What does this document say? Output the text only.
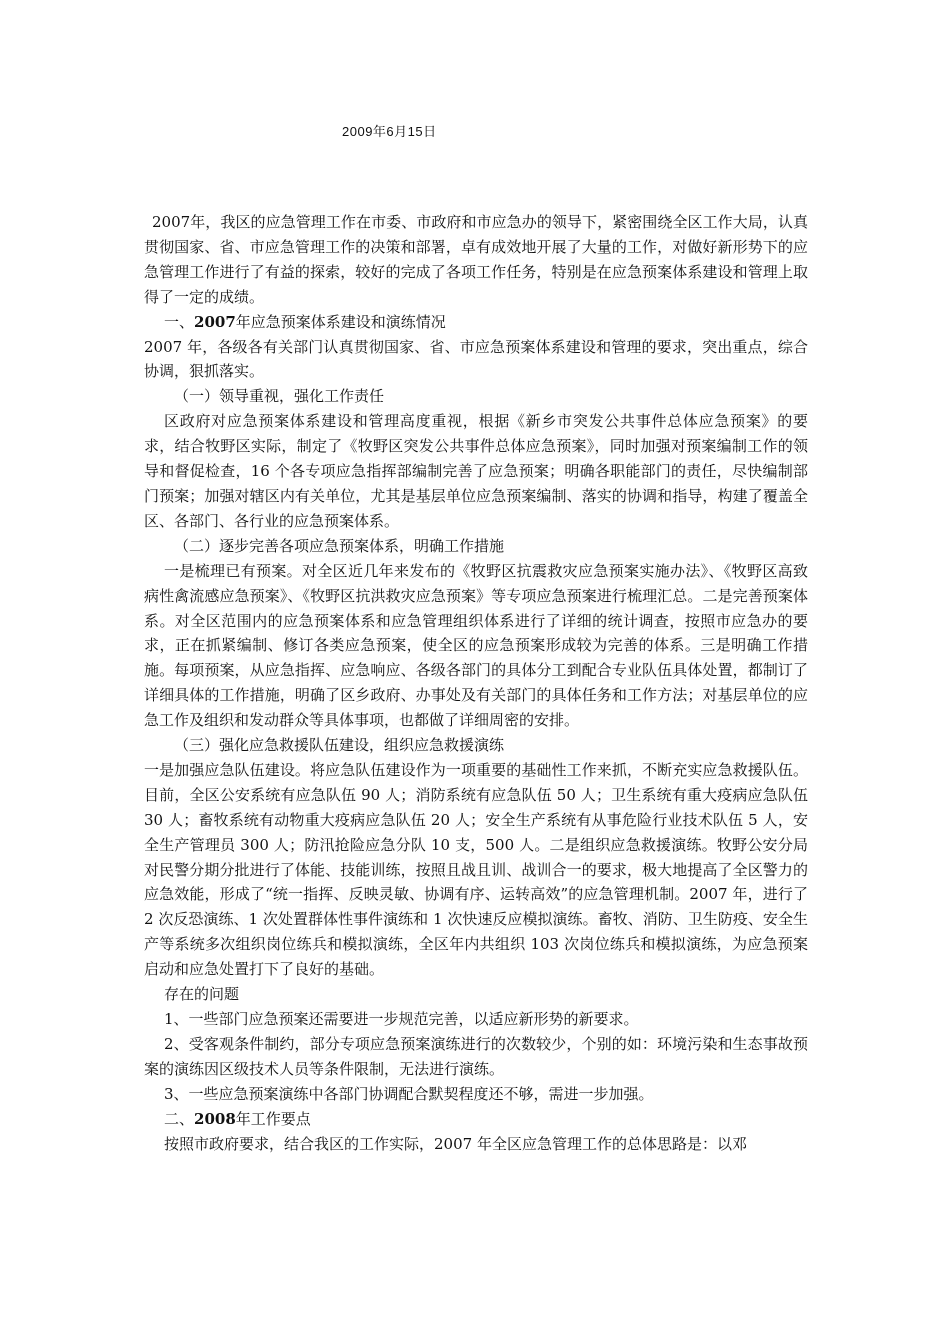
2009年6月15日

2007年，我区的应急管理工作在市委、市政府和市应急办的领导下，紧密围绕全区工作大局，认真贯彻国家、省、市应急管理工作的决策和部署，卓有成效地开展了大量的工作，对做好新形势下的应急管理工作进行了有益的探索，较好的完成了各项工作任务，特别是在应急预案体系建设和管理上取得了一定的成绩。

一、2007年应急预案体系建设和演练情况

2007 年，各级各有关部门认真贯彻国家、省、市应急预案体系建设和管理的要求，突出重点，综合协调，狠抓落实。

（一）领导重视，强化工作责任

区政府对应急预案体系建设和管理高度重视，根据《新乡市突发公共事件总体应急预案》的要求，结合牧野区实际，制定了《牧野区突发公共事件总体应急预案》，同时加强对预案编制工作的领导和督促检查，16 个各专项应急指挥部编制完善了应急预案；明确各职能部门的责任，尽快编制部门预案；加强对辖区内有关单位，尤其是基层单位应急预案编制、落实的协调和指导，构建了覆盖全区、各部门、各行业的应急预案体系。

（二）逐步完善各项应急预案体系，明确工作措施

一是梳理已有预案。对全区近几年来发布的《牧野区抗震救灾应急预案实施办法》、《牧野区高致病性禽流感应急预案》、《牧野区抗洪救灾应急预案》等专项应急预案进行梳理汇总。二是完善预案体系。对全区范围内的应急预案体系和应急管理组织体系进行了详细的统计调查，按照市应急办的要求，正在抓紧编制、修订各类应急预案，使全区的应急预案形成较为完善的体系。三是明确工作措施。每项预案，从应急指挥、应急响应、各级各部门的具体分工到配合专业队伍具体处置，都制订了详细具体的工作措施，明确了区乡政府、办事处及有关部门的具体任务和工作方法；对基层单位的应急工作及组织和发动群众等具体事项，也都做了详细周密的安排。

（三）强化应急救援队伍建设，组织应急救援演练

一是加强应急队伍建设。将应急队伍建设作为一项重要的基础性工作来抓，不断充实应急救援队伍。目前，全区公安系统有应急队伍 90 人；消防系统有应急队伍 50 人；卫生系统有重大疫病应急队伍 30 人；畜牧系统有动物重大疫病应急队伍 20 人；安全生产系统有从事危险行业技术队伍 5 人，安全生产管理员 300 人；防汛抢险应急分队 10 支，500 人。二是组织应急救援演练。牧野公安分局对民警分期分批进行了体能、技能训练，按照且战且训、战训合一的要求，极大地提高了全区警力的应急效能，形成了“统一指挥、反映灵敏、协调有序、运转高效”的应急管理机制。2007 年，进行了 2 次反恐演练、1 次处置群体性事件演练和 1 次快速反应模拟演练。畜牧、消防、卫生防疫、安全生产等系统多次组织岗位练兵和模拟演练，全区年内共组织 103 次岗位练兵和模拟演练，为应急预案启动和应急处置打下了良好的基础。

存在的问题

1、一些部门应急预案还需要进一步规范完善，以适应新形势的新要求。

2、受客观条件制约，部分专项应急预案演练进行的次数较少，个别的如：环境污染和生态事故预案的演练因区级技术人员等条件限制，无法进行演练。

3、一些应急预案演练中各部门协调配合默契程度还不够，需进一步加强。

二、2008年工作要点

按照市政府要求，结合我区的工作实际，2007 年全区应急管理工作的总体思路是：以邓
